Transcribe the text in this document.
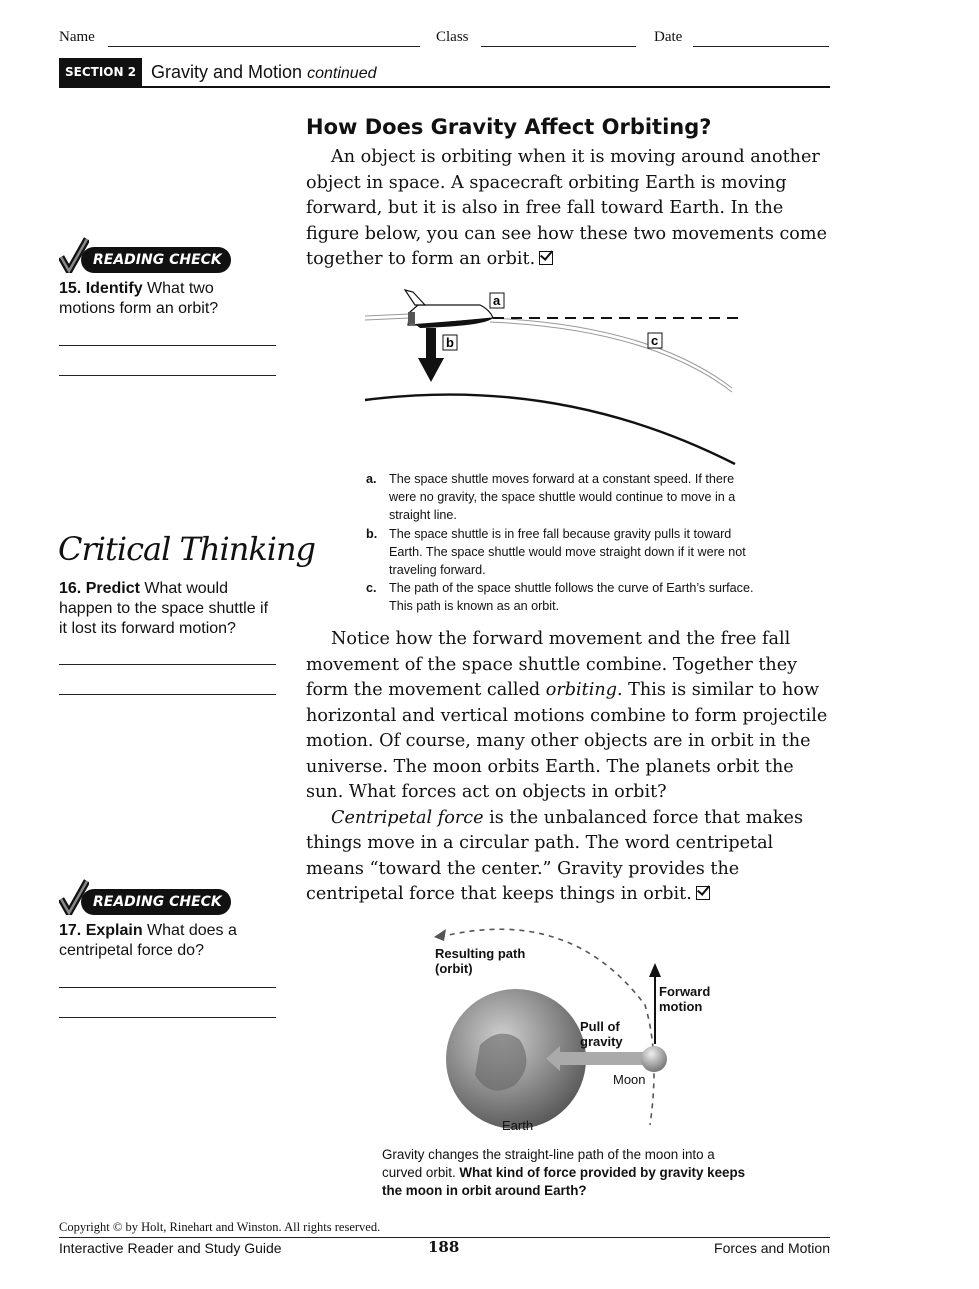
Name	Class	Date
SECTION 2 Gravity and Motion continued
How Does Gravity Affect Orbiting?

An object is orbiting when it is moving around another object in space. A spacecraft orbiting Earth is moving forward, but it is also in free fall toward Earth. In the figure below, you can see how these two movements come together to form an orbit.

a
b	c
a. The space shuttle moves forward at a constant speed. If there were no gravity, the space shuttle would continue to move in a straight line.
b. The space shuttle is in free fall because gravity pulls it toward Earth. The space shuttle would move straight down if it were not traveling forward.
c. The path of the space shuttle follows the curve of Earth’s surface. This path is known as an orbit.

Notice how the forward movement and the free fall movement of the space shuttle combine. Together they form the movement called orbiting. This is similar to how horizontal and vertical motions combine to form projectile motion. Of course, many other objects are in orbit in the universe. The moon orbits Earth. The planets orbit the sun. What forces act on objects in orbit?

Centripetal force is the unbalanced force that makes things move in a circular path. The word centripetal means “toward the center.” Gravity provides the centripetal force that keeps things in orbit.

Resulting path
(orbit)
Forward
motion
Pull of
gravity
Moon
Earth
Gravity changes the straight-line path of the moon into a curved orbit. What kind of force provided by gravity keeps the moon in orbit around Earth?
READING CHECK
15. Identify What two motions form an orbit?
Critical Thinking
16. Predict What would happen to the space shuttle if it lost its forward motion?
READING CHECK
17. Explain What does a centripetal force do?
Copyright © by Holt, Rinehart and Winston. All rights reserved.
Interactive Reader and Study Guide	188	Forces and Motion
